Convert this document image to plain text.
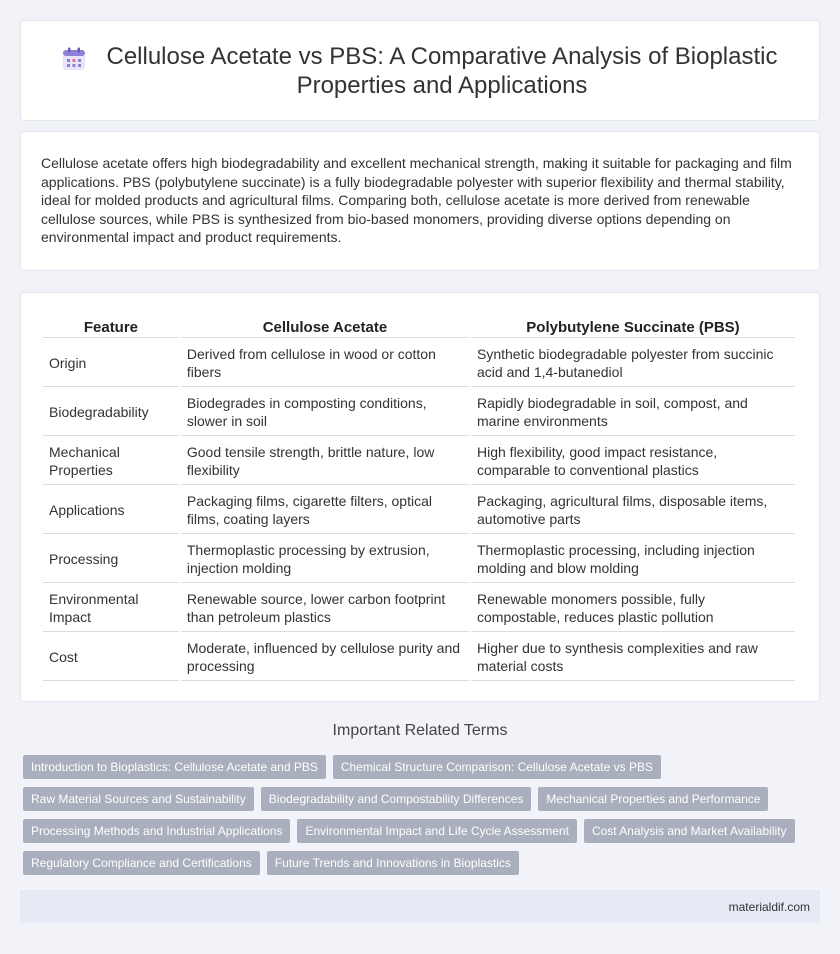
Cellulose Acetate vs PBS: A Comparative Analysis of Bioplastic Properties and Applications

Cellulose acetate offers high biodegradability and excellent mechanical strength, making it suitable for packaging and film applications. PBS (polybutylene succinate) is a fully biodegradable polyester with superior flexibility and thermal stability, ideal for molded products and agricultural films. Comparing both, cellulose acetate is more derived from renewable cellulose sources, while PBS is synthesized from bio-based monomers, providing diverse options depending on environmental impact and product requirements.

Feature	Cellulose Acetate	Polybutylene Succinate (PBS)
Origin	Derived from cellulose in wood or cotton fibers	Synthetic biodegradable polyester from succinic acid and 1,4-butanediol
Biodegradability	Biodegrades in composting conditions, slower in soil	Rapidly biodegradable in soil, compost, and marine environments
Mechanical Properties	Good tensile strength, brittle nature, low flexibility	High flexibility, good impact resistance, comparable to conventional plastics
Applications	Packaging films, cigarette filters, optical films, coating layers	Packaging, agricultural films, disposable items, automotive parts
Processing	Thermoplastic processing by extrusion, injection molding	Thermoplastic processing, including injection molding and blow molding
Environmental Impact	Renewable source, lower carbon footprint than petroleum plastics	Renewable monomers possible, fully compostable, reduces plastic pollution
Cost	Moderate, influenced by cellulose purity and processing	Higher due to synthesis complexities and raw material costs
Important Related Terms
Introduction to Bioplastics: Cellulose Acetate and PBS	Chemical Structure Comparison: Cellulose Acetate vs PBS
Raw Material Sources and Sustainability	Biodegradability and Compostability Differences	Mechanical Properties and Performance
Processing Methods and Industrial Applications	Environmental Impact and Life Cycle Assessment	Cost Analysis and Market Availability
Regulatory Compliance and Certifications	Future Trends and Innovations in Bioplastics
materialdif.com
